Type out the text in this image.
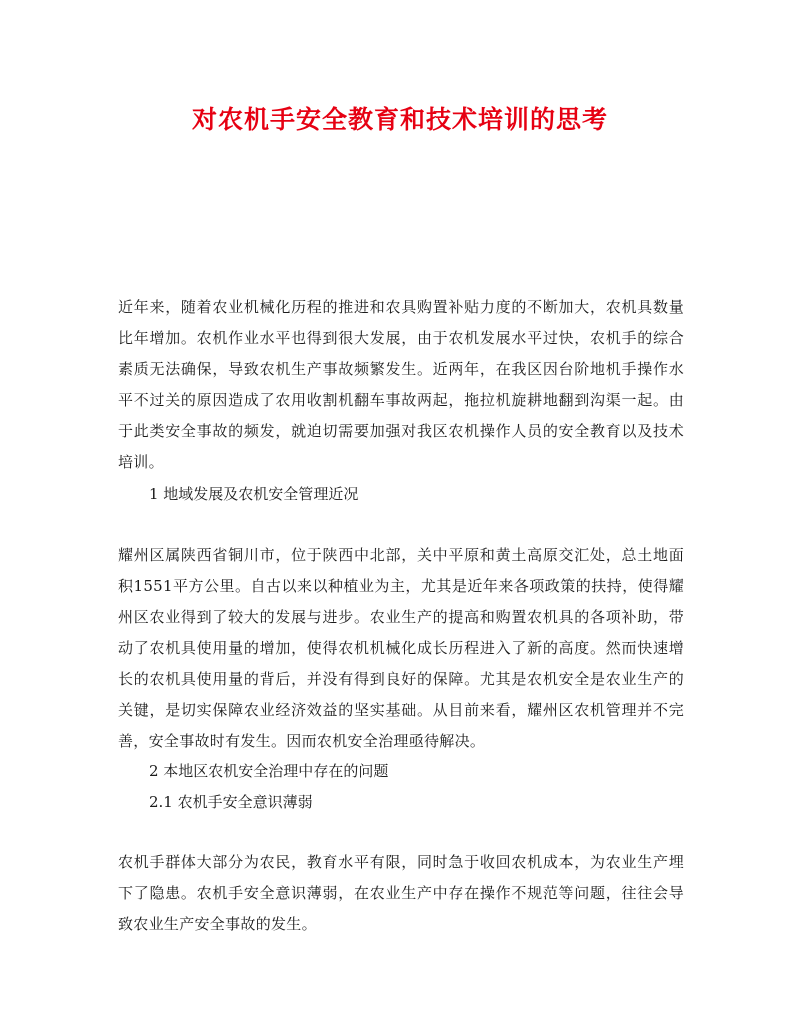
对农机手安全教育和技术培训的思考

近年来，随着农业机械化历程的推进和农具购置补贴力度的不断加大，农机具数量比年增加。农机作业水平也得到很大发展，由于农机发展水平过快，农机手的综合素质无法确保，导致农机生产事故频繁发生。近两年，在我区因台阶地机手操作水平不过关的原因造成了农用收割机翻车事故两起，拖拉机旋耕地翻到沟渠一起。由于此类安全事故的频发，就迫切需要加强对我区农机操作人员的安全教育以及技术培训。

1 地域发展及农机安全管理近况

耀州区属陕西省铜川市，位于陕西中北部，关中平原和黄土高原交汇处，总土地面积1551平方公里。自古以来以种植业为主，尤其是近年来各项政策的扶持，使得耀州区农业得到了较大的发展与进步。农业生产的提高和购置农机具的各项补助，带动了农机具使用量的增加，使得农机机械化成长历程进入了新的高度。然而快速增长的农机具使用量的背后，并没有得到良好的保障。尤其是农机安全是农业生产的关键，是切实保障农业经济效益的坚实基础。从目前来看，耀州区农机管理并不完善，安全事故时有发生。因而农机安全治理亟待解决。

2 本地区农机安全治理中存在的问题

2.1 农机手安全意识薄弱

农机手群体大部分为农民，教育水平有限，同时急于收回农机成本，为农业生产埋下了隐患。农机手安全意识薄弱，在农业生产中存在操作不规范等问题，往往会导致农业生产安全事故的发生。
